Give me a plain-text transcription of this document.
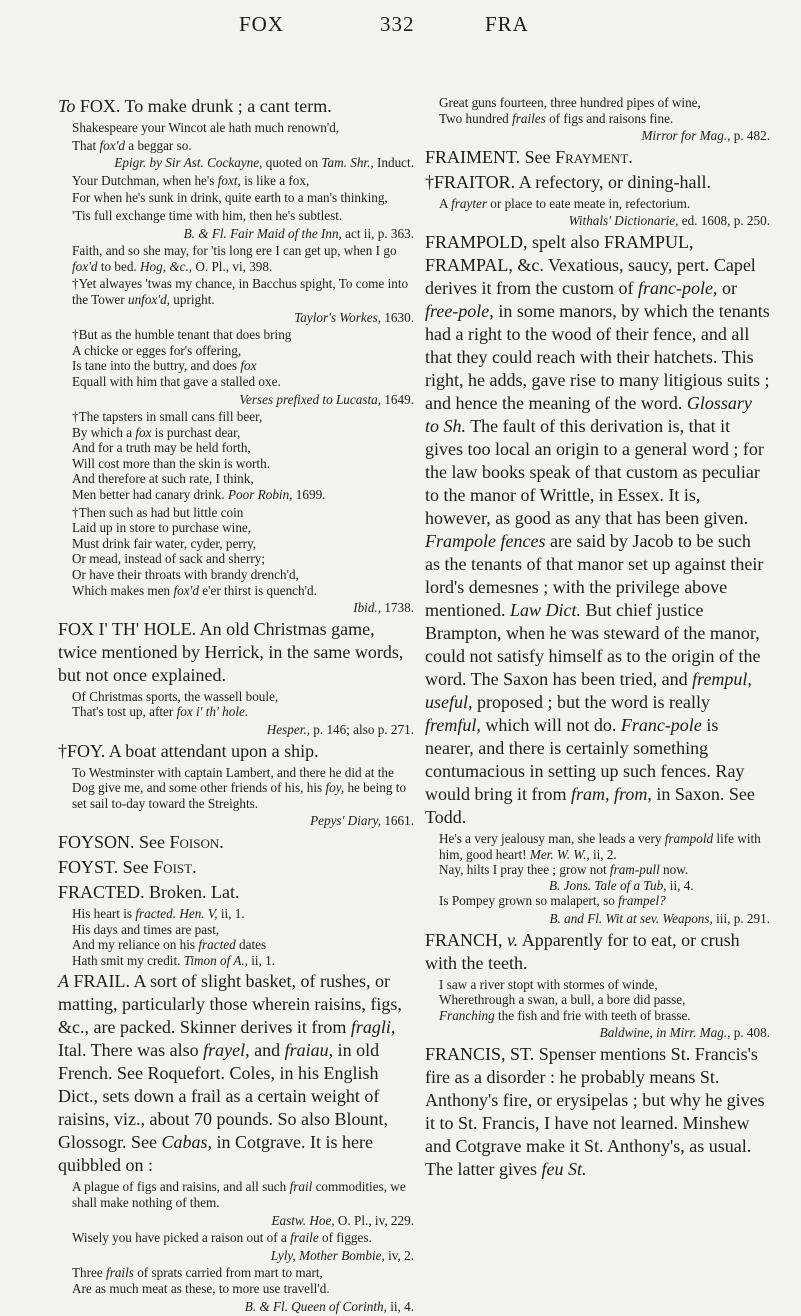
FOX	332	FRA
To FOX. To make drunk ; a cant term.
Shakespeare your Wincot ale hath much renown'd,
That fox'd a beggar so.
Epigr. by Sir Ast. Cockayne, quoted on Tam. Shr., Induct.
Your Dutchman, when he's foxt, is like a fox,
For when he's sunk in drink, quite earth to a man's thinking,
'Tis full exchange time with him, then he's subtlest.
B. & Fl. Fair Maid of the Inn, act ii, p. 363.
Faith, and so she may, for 'tis long ere I can get up, when I go fox'd to bed. Hog, &c., O. Pl., vi, 398.
†Yet alwayes 'twas my chance, in Bacchus spight, To come into the Tower unfox'd, upright.
Taylor's Workes, 1630.
†But as the humble tenant that does bring
A chicke or egges for's offering,
Is tane into the buttry, and does fox
Equall with him that gave a stalled oxe.
Verses prefixed to Lucasta, 1649.
†The tapsters in small cans fill beer,
By which a fox is purchast dear,
And for a truth may be held forth,
Will cost more than the skin is worth.
And therefore at such rate, I think,
Men better had canary drink. Poor Robin, 1699.
†Then such as had but little coin
Laid up in store to purchase wine,
Must drink fair water, cyder, perry,
Or mead, instead of sack and sherry;
Or have their throats with brandy drench'd,
Which makes men fox'd e'er thirst is quench'd.
Ibid., 1738.
FOX I' TH' HOLE. An old Christmas game, twice mentioned by Herrick, in the same words, but not once explained.
Of Christmas sports, the wassell boule,
That's tost up, after fox i' th' hole.
Hesper., p. 146; also p. 271.
†FOY. A boat attendant upon a ship.
To Westminster with captain Lambert, and there he did at the Dog give me, and some other friends of his, his foy, he being to set sail to-day toward the Streights.
Pepys' Diary, 1661.
FOYSON. See Foison.
FOYST. See Foist.
FRACTED. Broken. Lat.
His heart is fracted. Hen. V, ii, 1.
His days and times are past,
And my reliance on his fracted dates
Hath smit my credit. Timon of A., ii, 1.
A FRAIL. A sort of slight basket, of rushes, or matting, particularly those wherein raisins, figs, &c., are packed. Skinner derives it from fragli, Ital. There was also frayel, and fraiau, in old French. See Roquefort. Coles, in his English Dict., sets down a frail as a certain weight of raisins, viz., about 70 pounds. So also Blount, Glossogr. See Cabas, in Cotgrave. It is here quibbled on :
A plague of figs and raisins, and all such frail commodities, we shall make nothing of them.
Eastw. Hoe, O. Pl., iv, 229.
Wisely you have picked a raison out of a fraile of figges.
Lyly, Mother Bombie, iv, 2.
Three frails of sprats carried from mart to mart,
Are as much meat as these, to more use travell'd.
B. & Fl. Queen of Corinth, ii, 4.
Great guns fourteen, three hundred pipes of wine,
Two hundred frailes of figs and raisons fine.
Mirror for Mag., p. 482.
FRAIMENT. See Frayment.
†FRAITOR. A refectory, or dining-hall.
A frayter or place to eate meate in, refectorium.
Withals' Dictionarie, ed. 1608, p. 250.
FRAMPOLD, spelt also FRAMPUL, FRAMPAL, &c. Vexatious, saucy, pert. Capel derives it from the custom of franc-pole, or free-pole, in some manors, by which the tenants had a right to the wood of their fence, and all that they could reach with their hatchets. This right, he adds, gave rise to many litigious suits ; and hence the meaning of the word. Glossary to Sh. The fault of this derivation is, that it gives too local an origin to a general word ; for the law books speak of that custom as peculiar to the manor of Writtle, in Essex. It is, however, as good as any that has been given. Frampole fences are said by Jacob to be such as the tenants of that manor set up against their lord's demesnes ; with the privilege above mentioned. Law Dict. But chief justice Brampton, when he was steward of the manor, could not satisfy himself as to the origin of the word. The Saxon has been tried, and frempul, useful, proposed ; but the word is really fremful, which will not do. Franc-pole is nearer, and there is certainly something contumacious in setting up such fences. Ray would bring it from fram, from, in Saxon. See Todd.
He's a very jealousy man, she leads a very frampold life with him, good heart! Mer. W. W., ii, 2.
Nay, hilts I pray thee ; grow not fram-pull now.
B. Jons. Tale of a Tub, ii, 4.
Is Pompey grown so malapert, so frampel?
B. and Fl. Wit at sev. Weapons, iii, p. 291.
FRANCH, v. Apparently for to eat, or crush with the teeth.
I saw a river stopt with stormes of winde,
Wherethrough a swan, a bull, a bore did passe,
Franching the fish and frie with teeth of brasse.
Baldwine, in Mirr. Mag., p. 408.
FRANCIS, ST. Spenser mentions St. Francis's fire as a disorder : he probably means St. Anthony's fire, or erysipelas ; but why he gives it to St. Francis, I have not learned. Minshew and Cotgrave make it St. Anthony's, as usual. The latter gives feu St.
